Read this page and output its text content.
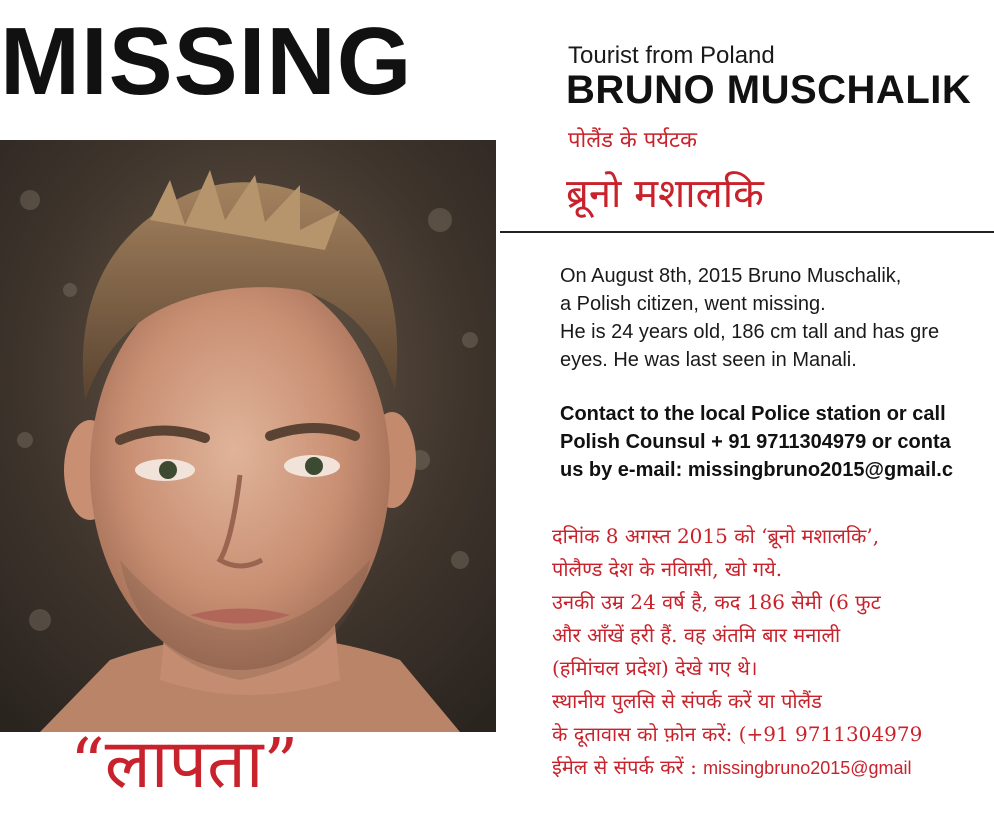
MISSING
“लापता”
Tourist from Poland
BRUNO MUSCHALIK
पोलैंड के पर्यटक
ब्रूनो मशालकि
On August 8th, 2015 Bruno Muschalik,
a Polish citizen, went missing.
He is 24 years old, 186 cm tall and has gre
eyes. He was last seen in Manali.
Contact to the local Police station or call
Polish Counsul + 91 9711304979 or conta
us by e-mail: missingbruno2015@gmail.c
दनिांक 8 अगस्त 2015 को ‘ब्रूनो मशालकि’,
पोलैण्ड देश के नविासी, खो गये.
उनकी उम्र 24 वर्ष है, कद 186 सेमी (6 फुट
और आँखें हरी हैं. वह अंतमि बार मनाली
(हमिांचल प्रदेश) देखे गए थे।
स्थानीय पुलसि से संपर्क करें या पोलैंड
के दूतावास को फ़ोन करें: (+91 9711304979
ईमेल से संपर्क करें : missingbruno2015@gmail
